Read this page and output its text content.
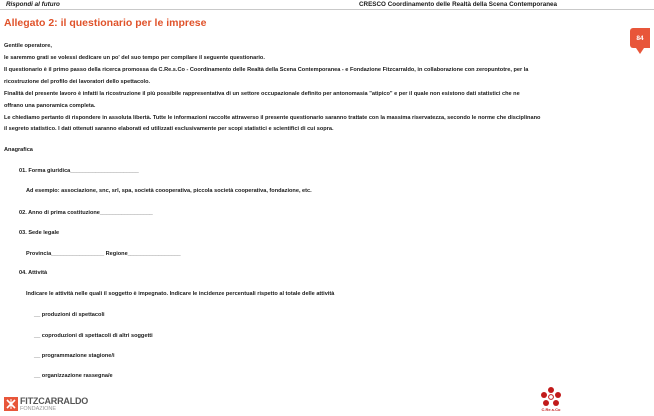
Rispondi al futuro	CRESCO Coordinamento delle Realtà della Scena Contemporanea
84
Allegato 2: il questionario per le imprese
Gentile operatore,
le saremmo grati se volessi dedicare un po' del suo tempo per compilare il seguente questionario.
Il questionario è il primo passo della ricerca promossa da C.Re.s.Co - Coordinamento delle Realtà della Scena Contemporanea - e Fondazione Fitzcarraldo, in collaborazione con zeropuntotre, per la
ricostruzione del profilo dei lavoratori dello spettacolo.
Finalità del presente lavoro è infatti la ricostruzione il più possibile rappresentativa di un settore occupazionale definito per antonomasia "atipico" e per il quale non esistono dati statistici che ne
offrano una panoramica completa.
Le chiediamo pertanto di rispondere in assoluta libertà. Tutte le informazioni raccolte attraverso il presente questionario saranno trattate con la massima riservatezza, secondo le norme che disciplinano
il segreto statistico. I dati ottenuti saranno elaborati ed utilizzati esclusivamente per scopi statistici e scientifici di cui sopra.
Anagrafica
01. Forma giuridica______________________
Ad esempio: associazione, snc, srl, spa, società coooperativa, piccola società cooperativa, fondazione, etc.
02. Anno di prima costituzione_________________
03. Sede legale
Provincia_________________ Regione_________________
04. Attività
Indicare le attività nelle quali il soggetto è impegnato. Indicare le incidenze percentuali rispetto al totale delle attività
__ produzioni di spettacoli
__ coproduzioni di spettacoli di altri soggetti
__ programmazione stagione/i
__ organizzazione rassegna/e
FITZCARRALDO
FONDAZIONE	C.Re.s.Co
